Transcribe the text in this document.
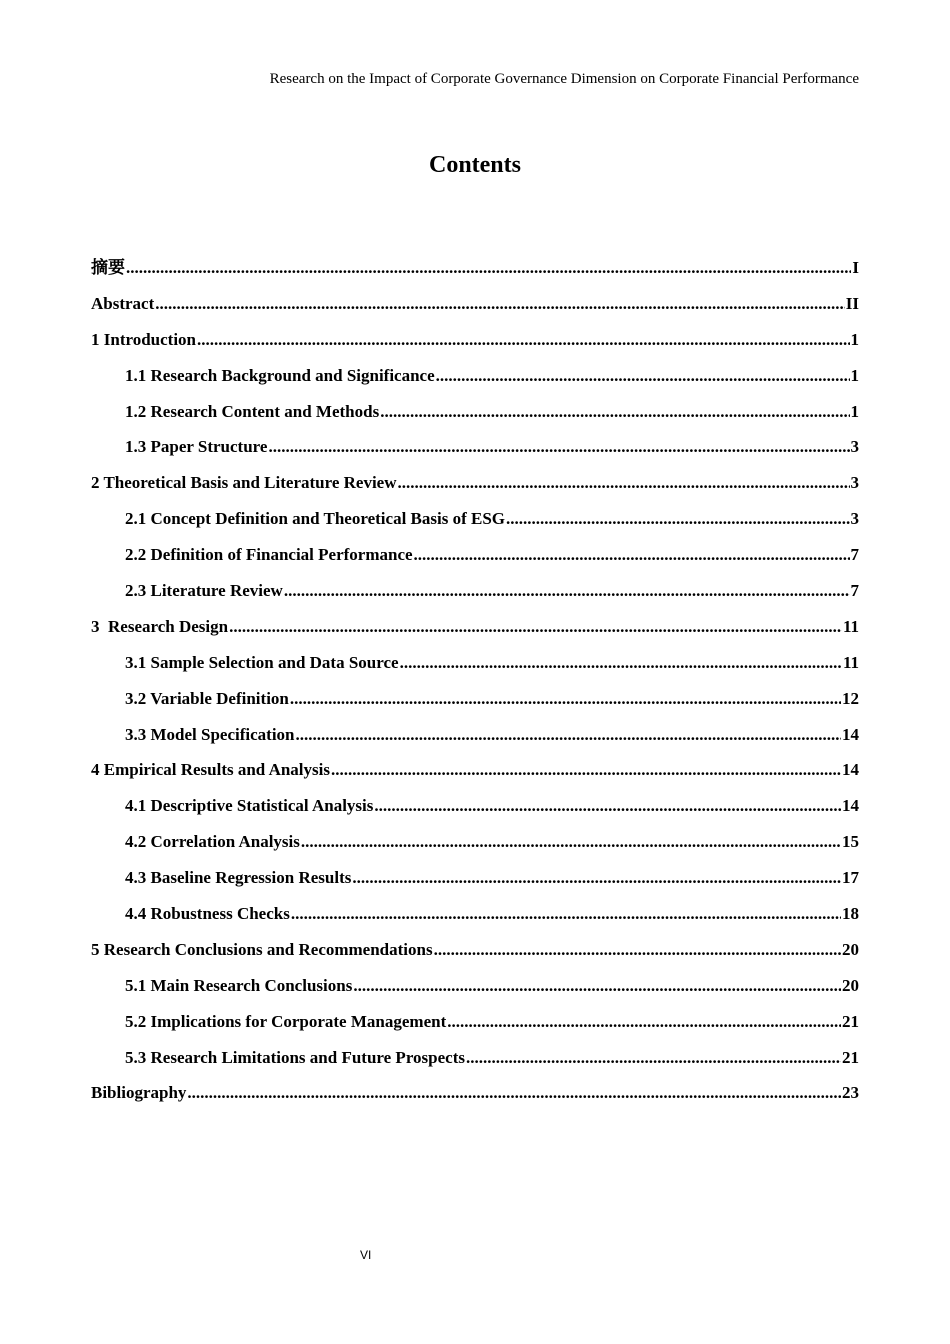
Research on the Impact of Corporate Governance Dimension on Corporate Financial Performance
Contents
摘要 .....	I
Abstract .....	II
1 Introduction .....	1
1.1 Research Background and Significance .....	1
1.2 Research Content and Methods .....	1
1.3 Paper Structure .....	3
2 Theoretical Basis and Literature Review .....	3
2.1 Concept Definition and Theoretical Basis of ESG .....	3
2.2 Definition of Financial Performance .....	7
2.3 Literature Review .....	7
3  Research Design .....	11
3.1 Sample Selection and Data Source .....	11
3.2 Variable Definition .....	12
3.3 Model Specification .....	14
4 Empirical Results and Analysis .....	14
4.1 Descriptive Statistical Analysis .....	14
4.2 Correlation Analysis .....	15
4.3 Baseline Regression Results .....	17
4.4 Robustness Checks .....	18
5 Research Conclusions and Recommendations .....	20
5.1 Main Research Conclusions .....	20
5.2 Implications for Corporate Management .....	21
5.3 Research Limitations and Future Prospects .....	21
Bibliography .....	23
VI
